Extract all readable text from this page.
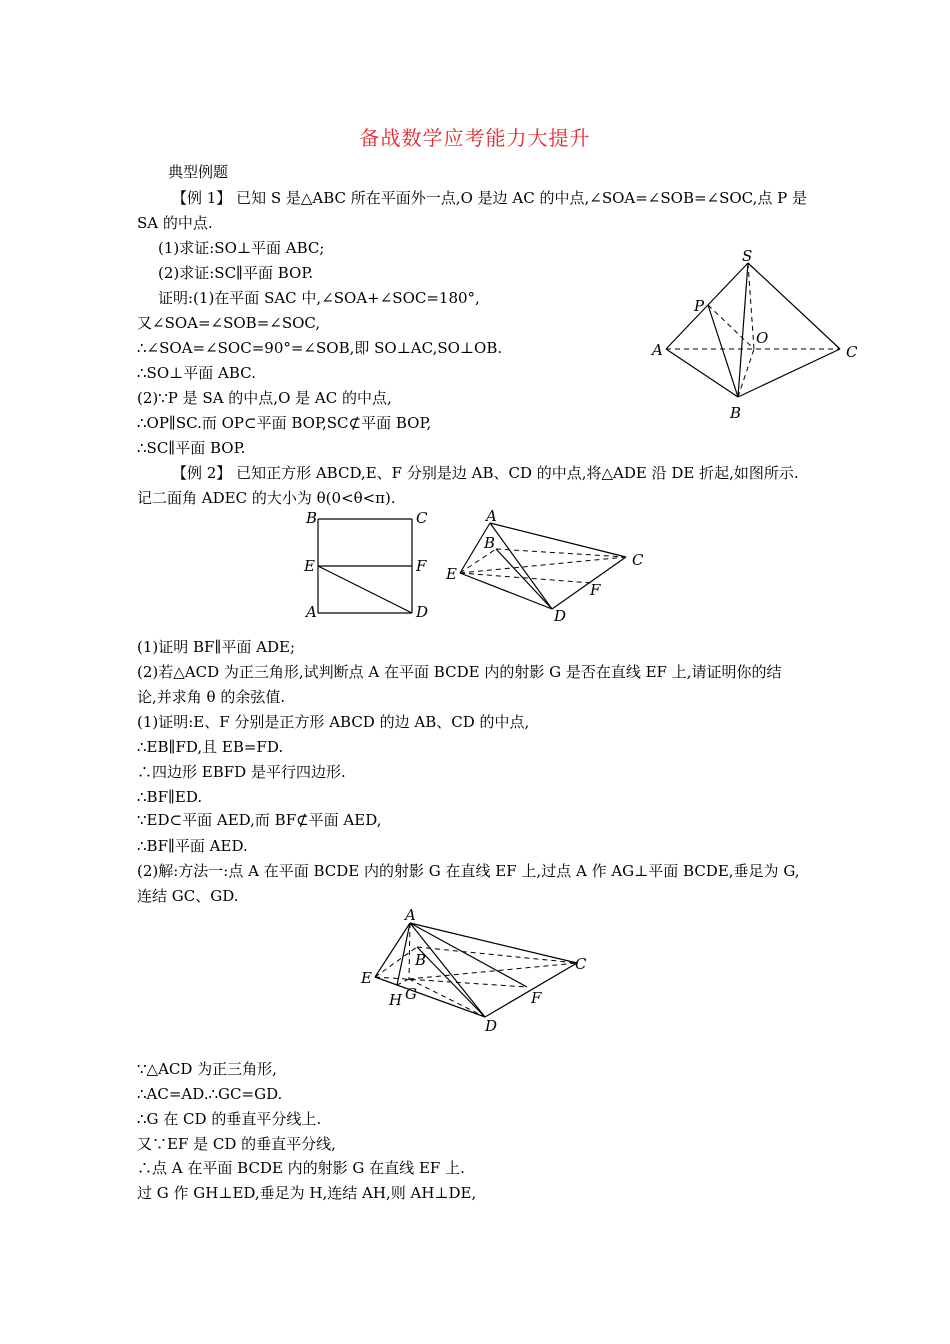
备战数学应考能力大提升
典型例题
【例 1】 已知 S 是△ABC 所在平面外一点,O 是边 AC 的中点,∠SOA=∠SOB=∠SOC,点 P 是
SA 的中点.
(1)求证:SO⊥平面 ABC;
(2)求证:SC∥平面 BOP.
证明:(1)在平面 SAC 中,∠SOA+∠SOC=180°,
又∠SOA=∠SOB=∠SOC,
∴∠SOA=∠SOC=90°=∠SOB,即 SO⊥AC,SO⊥OB.
∴SO⊥平面 ABC.
(2)∵P 是 SA 的中点,O 是 AC 的中点,
∴OP∥SC.而 OP⊂平面 BOP,SC⊄平面 BOP,
∴SC∥平面 BOP.
S
P
O
A
B
C
【例 2】 已知正方形 ABCD,E、F 分别是边 AB、CD 的中点,将△ADE 沿 DE 折起,如图所示.
记二面角 ADEC 的大小为 θ(0<θ<π).
B	C
E	F
A	D
A
B
C
E
F
D
(1)证明 BF∥平面 ADE;
(2)若△ACD 为正三角形,试判断点 A 在平面 BCDE 内的射影 G 是否在直线 EF 上,请证明你的结
论,并求角 θ 的余弦值.
(1)证明:E、F 分别是正方形 ABCD 的边 AB、CD 的中点,
∴EB∥FD,且 EB=FD.
∴四边形 EBFD 是平行四边形.
∴BF∥ED.
∵ED⊂平面 AED,而 BF⊄平面 AED,
∴BF∥平面 AED.
(2)解:方法一:点 A 在平面 BCDE 内的射影 G 在直线 EF 上,过点 A 作 AG⊥平面 BCDE,垂足为 G,
连结 GC、GD.
A
B	C
E
H G	F
D
∵△ACD 为正三角形,
∴AC=AD.∴GC=GD.
∴G 在 CD 的垂直平分线上.
又∵EF 是 CD 的垂直平分线,
∴点 A 在平面 BCDE 内的射影 G 在直线 EF 上.
过 G 作 GH⊥ED,垂足为 H,连结 AH,则 AH⊥DE,
